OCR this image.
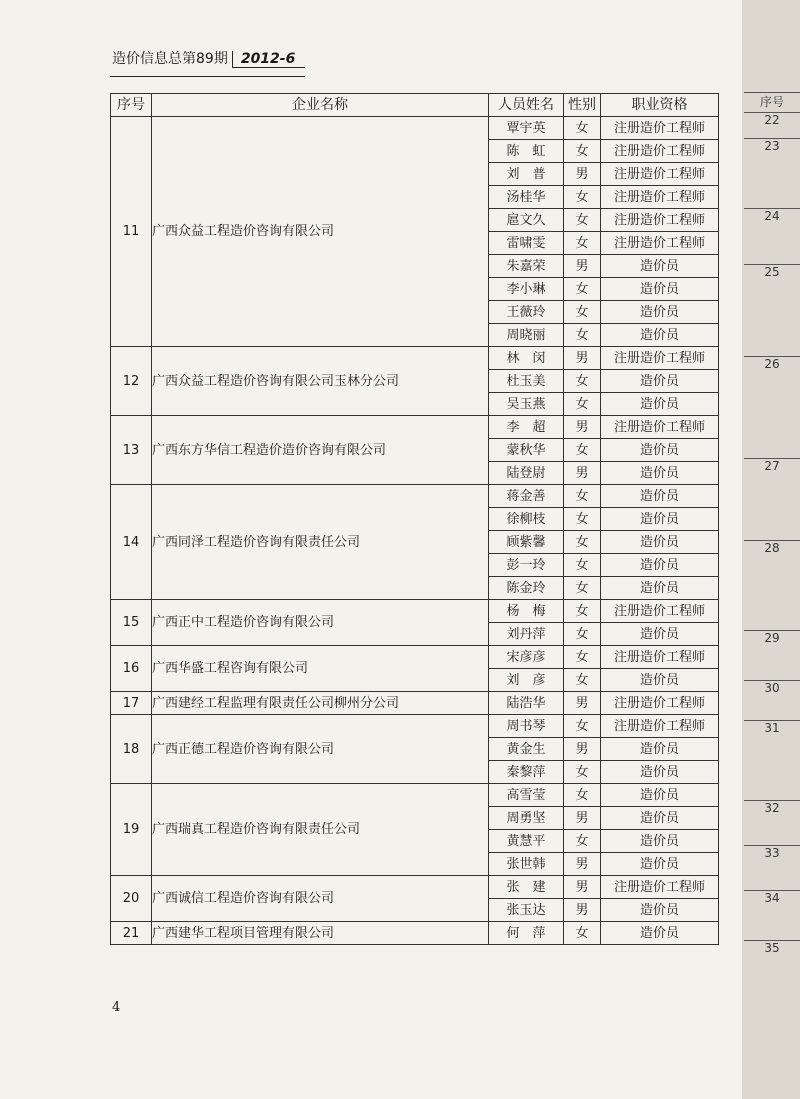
造价信息总第89期 2012-6
序号	企业名称	人员姓名	性别	职业资格
11	广西众益工程造价咨询有限公司	覃宇英	女	注册造价工程师
		陈　虹	女	注册造价工程师
		刘　普	男	注册造价工程师
		汤桂华	女	注册造价工程师
		扈文久	女	注册造价工程师
		雷啸雯	女	注册造价工程师
		朱嘉荣	男	造价员
		李小琳	女	造价员
		王薇玲	女	造价员
		周晓丽	女	造价员
12	广西众益工程造价咨询有限公司玉林分公司	林　闵	男	注册造价工程师
		杜玉美	女	造价员
		吴玉燕	女	造价员
13	广西东方华信工程造价造价咨询有限公司	李　超	男	注册造价工程师
		蒙秋华	女	造价员
		陆登尉	男	造价员
14	广西同泽工程造价咨询有限责任公司	蒋金善	女	造价员
		徐柳枝	女	造价员
		顾紫馨	女	造价员
		彭一玲	女	造价员
		陈金玲	女	造价员
15	广西正中工程造价咨询有限公司	杨　梅	女	注册造价工程师
		刘丹萍	女	造价员
16	广西华盛工程咨询有限公司	宋彦彦	女	注册造价工程师
		刘　彦	女	造价员
17	广西建经工程监理有限责任公司柳州分公司	陆浩华	男	注册造价工程师
18	广西正德工程造价咨询有限公司	周书琴	女	注册造价工程师
		黄金生	男	造价员
		秦黎萍	女	造价员
19	广西瑞真工程造价咨询有限责任公司	高雪莹	女	造价员
		周勇坚	男	造价员
		黄慧平	女	造价员
		张世韩	男	造价员
20	广西诚信工程造价咨询有限公司	张　建	男	注册造价工程师
		张玉达	男	造价员
21	广西建华工程项目管理有限公司	何　萍	女	造价员
4
序号
22
23
24
25
26
27
28
29
30
31
32
33
34
35
